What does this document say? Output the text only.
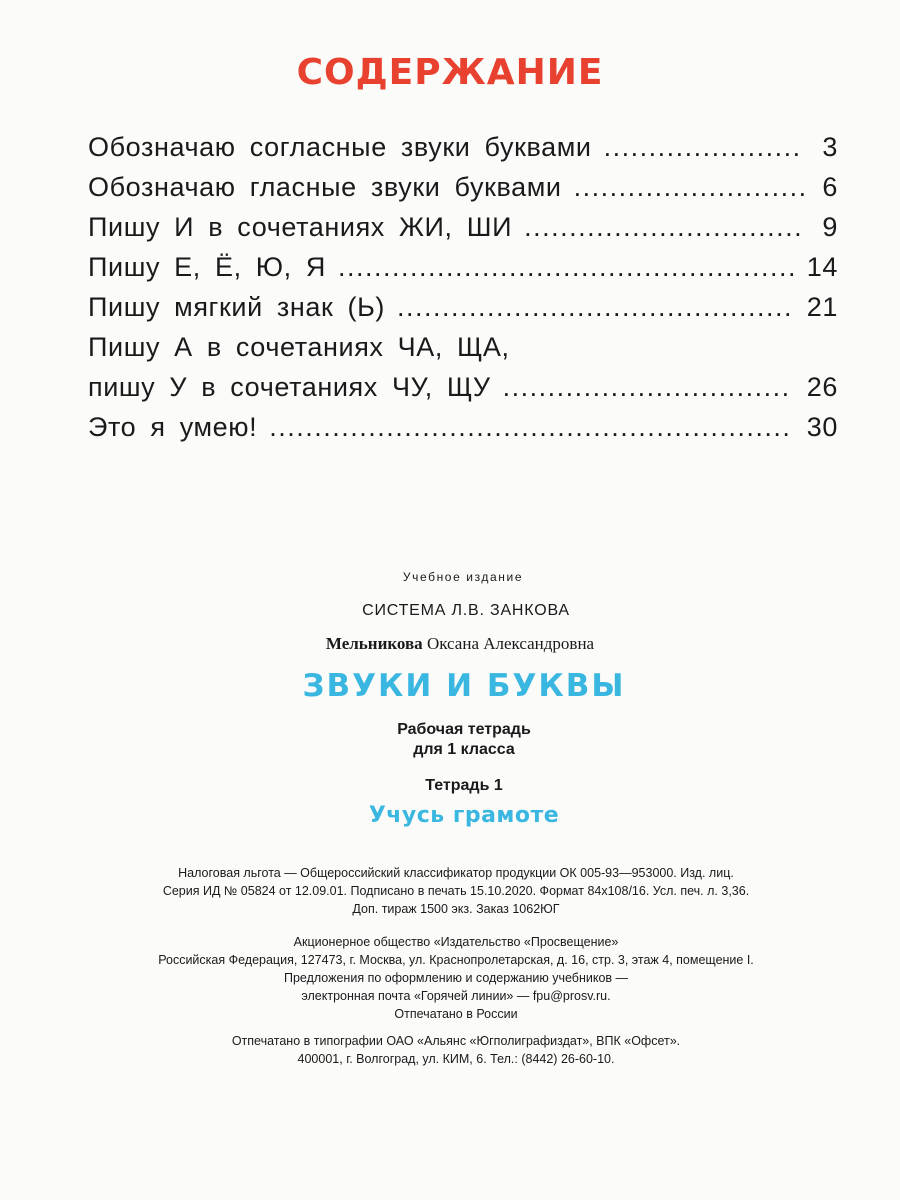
СОДЕРЖАНИЕ
Обозначаю согласные звуки буквами .....	3
Обозначаю гласные звуки буквами .....	6
Пишу И в сочетаниях ЖИ, ШИ .....	9
Пишу Е, Ё, Ю, Я .....	14
Пишу мягкий знак (Ь) .....	21
Пишу А в сочетаниях ЧА, ЩА,
пишу У в сочетаниях ЧУ, ЩУ .....	26
Это я умею! .....	30
Учебное издание
СИСТЕМА Л.В. ЗАНКОВА
Мельникова Оксана Александровна
ЗВУКИ И БУКВЫ
Рабочая тетрадь
для 1 класса
Тетрадь 1
Учусь грамоте
Налоговая льгота — Общероссийский классификатор продукции ОК 005-93—953000. Изд. лиц.
Серия ИД № 05824 от 12.09.01. Подписано в печать 15.10.2020. Формат 84x108/16. Усл. печ. л. 3,36.
Доп. тираж 1500 экз. Заказ 1062ЮГ
Акционерное общество «Издательство «Просвещение»
Российская Федерация, 127473, г. Москва, ул. Краснопролетарская, д. 16, стр. 3, этаж 4, помещение I.
Предложения по оформлению и содержанию учебников —
электронная почта «Горячей линии» — fpu@prosv.ru.
Отпечатано в России
Отпечатано в типографии ОАО «Альянс «Югполиграфиздат», ВПК «Офсет».
400001, г. Волгоград, ул. КИМ, 6. Тел.: (8442) 26-60-10.
